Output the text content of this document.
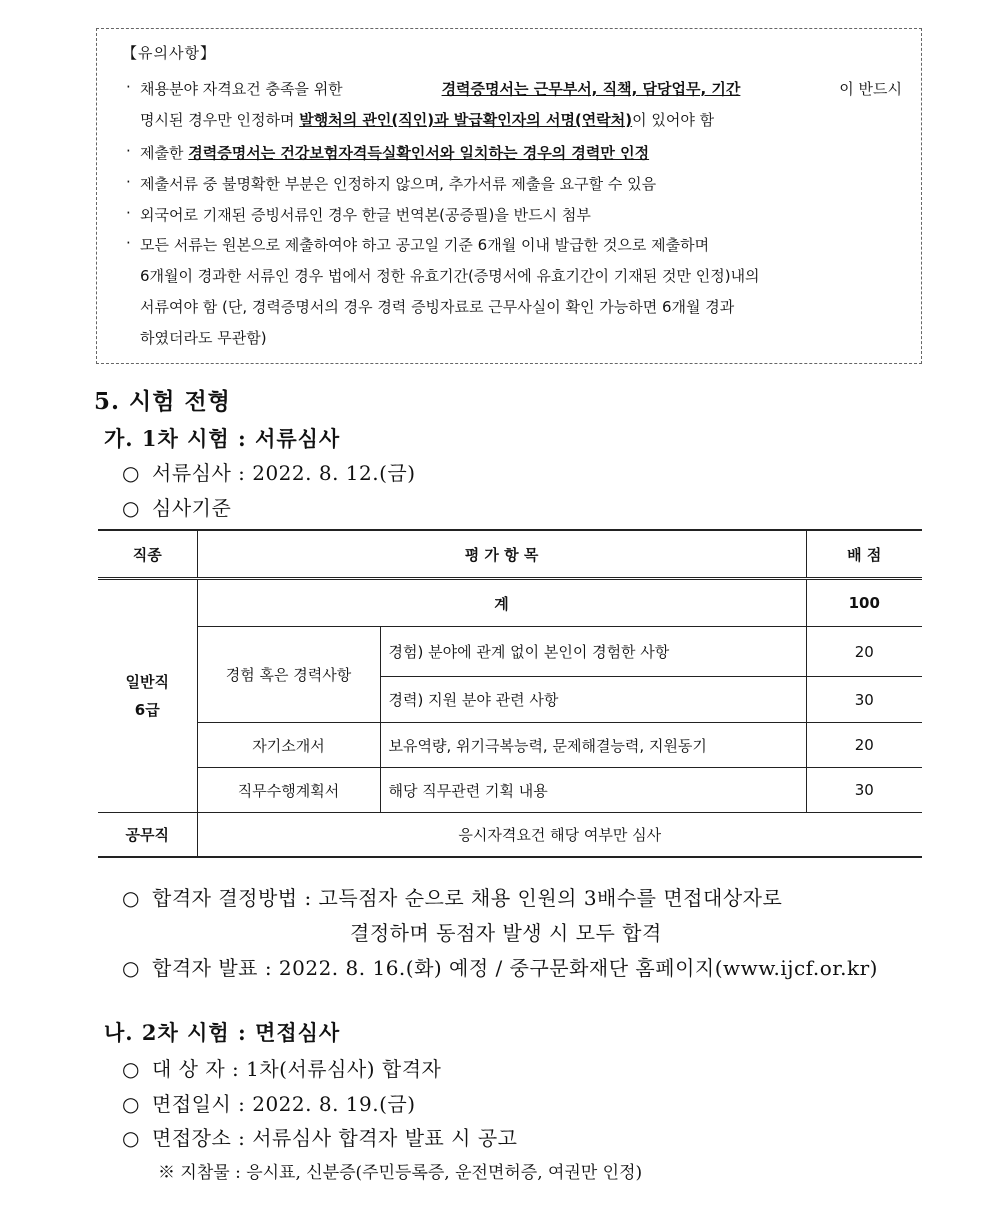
【유의사항】
· 채용분야 자격요건 충족을 위한	경력증명서는 근무부서, 직책, 담당업무, 기간	이 반드시
명시된 경우만 인정하며 발행처의 관인(직인)과 발급확인자의 서명(연락처)이 있어야 함
· 제출한 경력증명서는 건강보험자격득실확인서와 일치하는 경우의 경력만 인정
· 제출서류 중 불명확한 부분은 인정하지 않으며, 추가서류 제출을 요구할 수 있음
· 외국어로 기재된 증빙서류인 경우 한글 번역본(공증필)을 반드시 첨부
· 모든 서류는 원본으로 제출하여야 하고 공고일 기준 6개월 이내 발급한 것으로 제출하며
6개월이 경과한 서류인 경우 법에서 정한 유효기간(증명서에 유효기간이 기재된 것만 인정)내의
서류여야 함 (단, 경력증명서의 경우 경력 증빙자료로 근무사실이 확인 가능하면 6개월 경과
하였더라도 무관함)
5. 시험 전형
가. 1차 시험 : 서류심사
○ 서류심사 : 2022. 8. 12.(금)
○ 심사기준
직종	평 가 항 목		배 점
일반직
6급	계		100
	경험 혹은 경력사항	경험) 분야에 관계 없이 본인이 경험한 사항	20
		경력) 지원 분야 관련 사항	30
	자기소개서	보유역량, 위기극복능력, 문제해결능력, 지원동기	20
	직무수행계획서	해당 직무관련 기획 내용	30
공무직	응시자격요건 해당 여부만 심사		
○ 합격자 결정방법 : 고득점자 순으로 채용 인원의 3배수를 면접대상자로
결정하며 동점자 발생 시 모두 합격
○ 합격자 발표 : 2022. 8. 16.(화) 예정 / 중구문화재단 홈페이지(www.ijcf.or.kr)
나. 2차 시험 : 면접심사
○ 대 상 자 : 1차(서류심사) 합격자
○ 면접일시 : 2022. 8. 19.(금)
○ 면접장소 : 서류심사 합격자 발표 시 공고
※ 지참물 : 응시표, 신분증(주민등록증, 운전면허증, 여권만 인정)
